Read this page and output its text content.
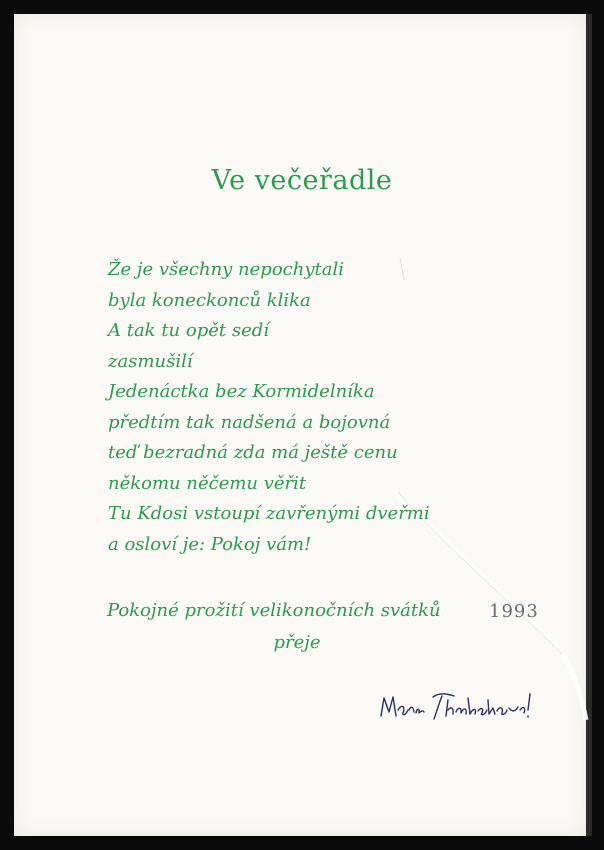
Ve večeřadle
Že je všechny nepochytali
byla koneckonců klika
A tak tu opět sedí
zasmušilí
Jedenáctka bez Kormidelníka
předtím tak nadšená a bojovná
teď bezradná zda má ještě cenu
někomu něčemu věřit
Tu Kdosi vstoupí zavřenými dveřmi
a osloví je: Pokoj vám!
Pokojné prožití velikonočních svátků	1993
přeje
